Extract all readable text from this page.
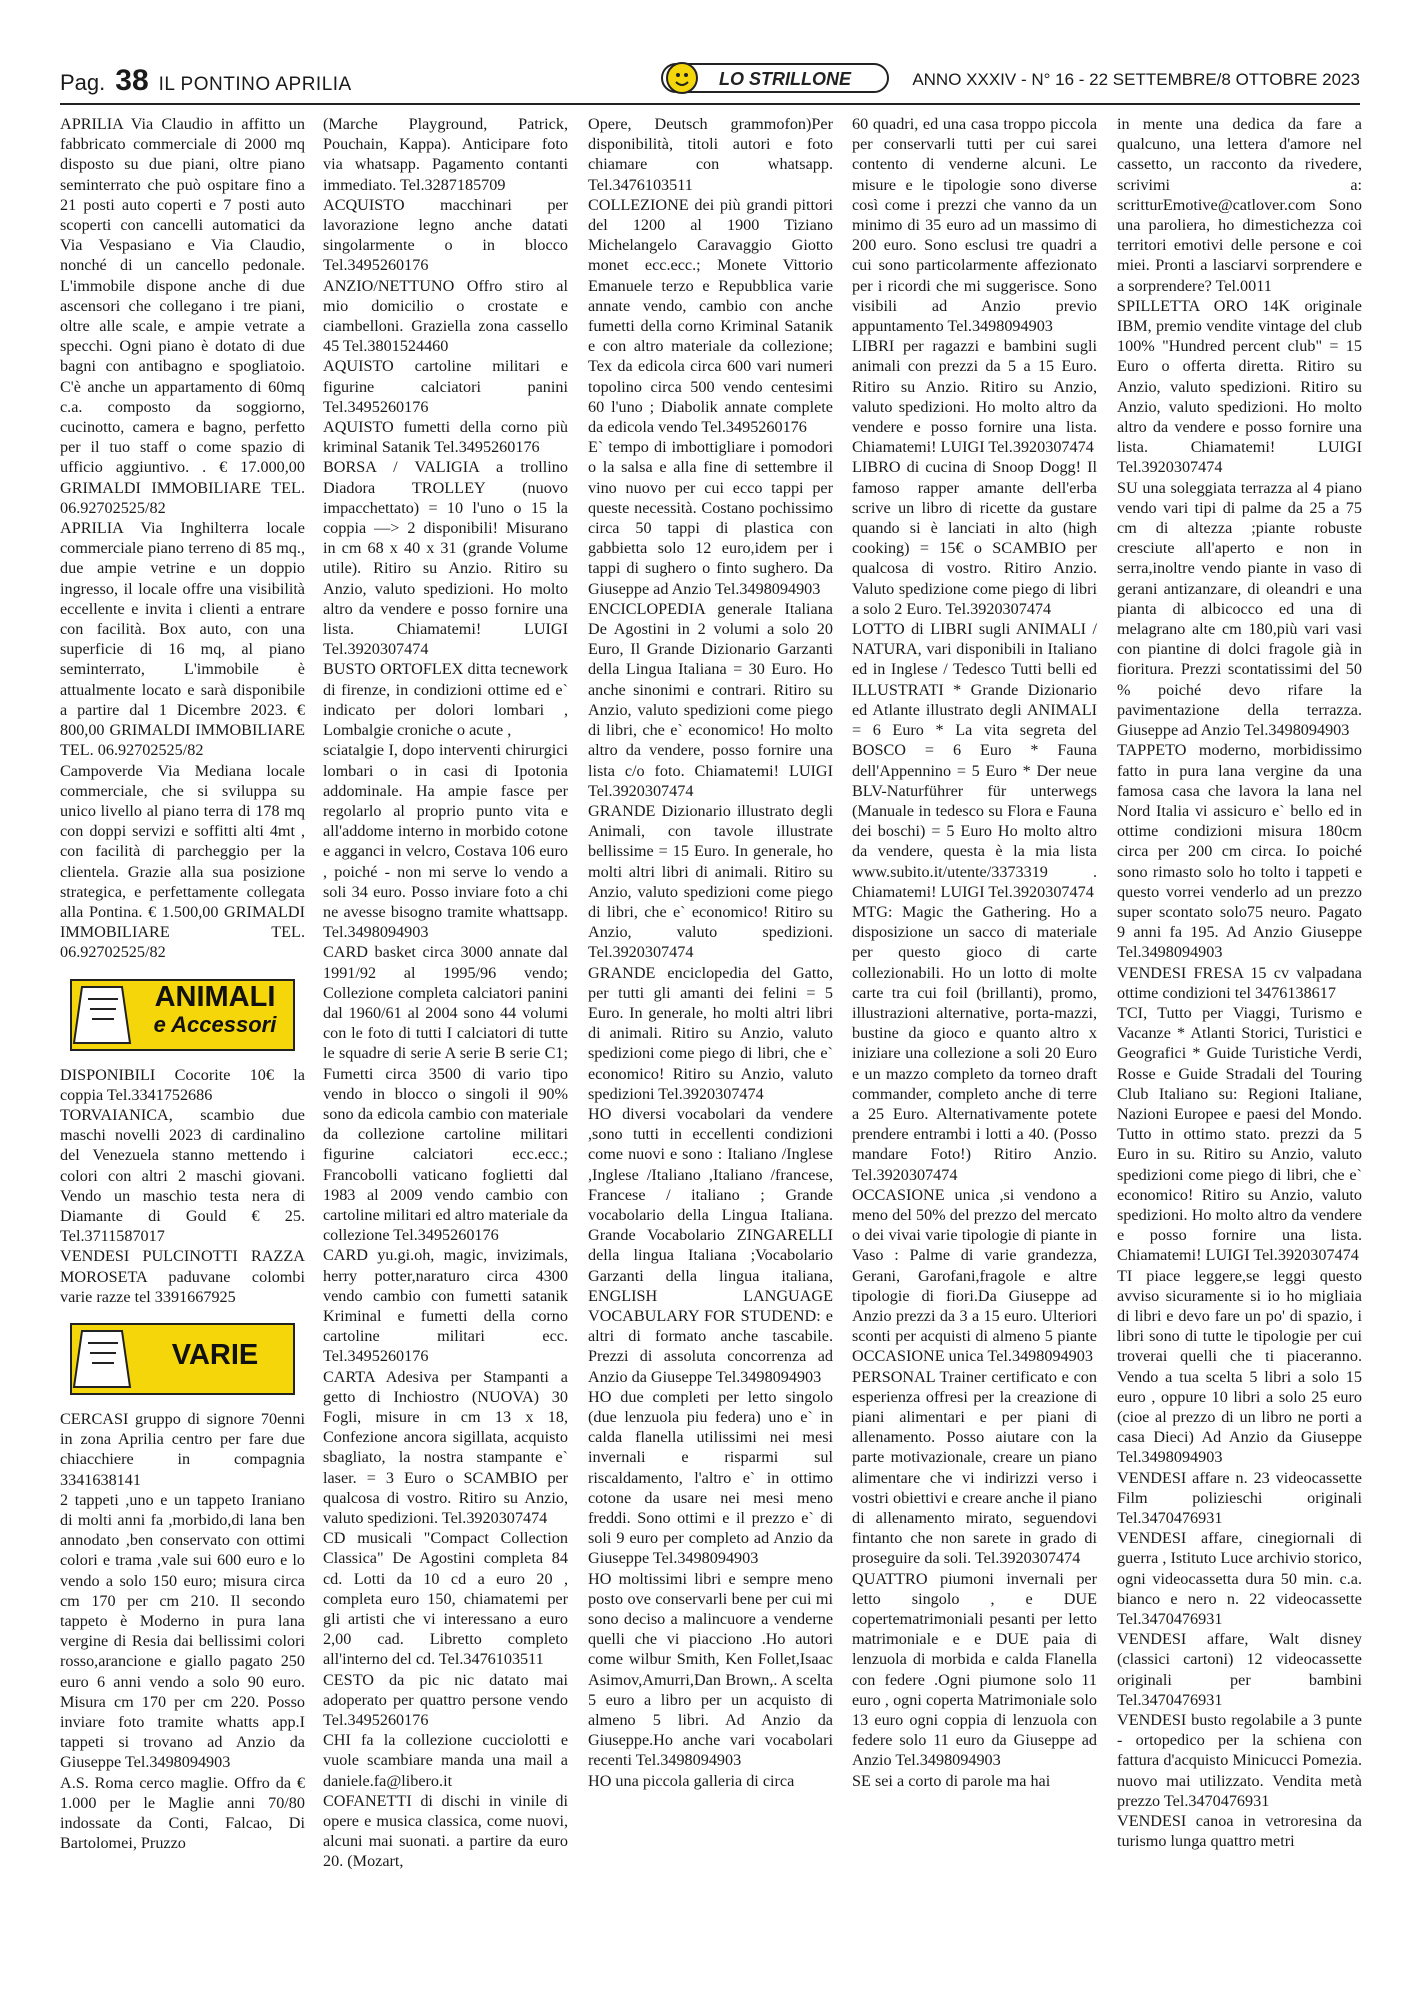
Pag. 38 IL PONTINO APRILIA	LO STRILLONE	ANNO XXXIV - N° 16 - 22 SETTEMBRE/8 OTTOBRE 2023

APRILIA Via Claudio in affitto un fabbricato commerciale di 2000 mq disposto su due piani, oltre piano seminterrato che può ospitare fino a 21 posti auto coperti e 7 posti auto scoperti con cancelli automatici da Via Vespasiano e Via Claudio, nonché di un cancello pedonale. L'immobile dispone anche di due ascensori che collegano i tre piani, oltre alle scale, e ampie vetrate a specchi. Ogni piano è dotato di due bagni con antibagno e spogliatoio. C'è anche un appartamento di 60mq c.a. composto da soggiorno, cucinotto, camera e bagno, perfetto per il tuo staff o come spazio di ufficio aggiuntivo. . € 17.000,00 GRIMALDI IMMOBILIARE TEL. 06.92702525/82

APRILIA Via Inghilterra locale commerciale piano terreno di 85 mq., due ampie vetrine e un doppio ingresso, il locale offre una visibilità eccellente e invita i clienti a entrare con facilità. Box auto, con una superficie di 16 mq, al piano seminterrato, L'immobile è attualmente locato e sarà disponibile a partire dal 1 Dicembre 2023. € 800,00 GRIMALDI IMMOBILIARE TEL. 06.92702525/82

Campoverde Via Mediana locale commerciale, che si sviluppa su unico livello al piano terra di 178 mq con doppi servizi e soffitti alti 4mt , con facilità di parcheggio per la clientela. Grazie alla sua posizione strategica, e perfettamente collegata alla Pontina. € 1.500,00 GRIMALDI IMMOBILIARE TEL. 06.92702525/82

ANIMALI
e Accessori

DISPONIBILI Cocorite 10€ la coppia Tel.3341752686

TORVAIANICA, scambio due maschi novelli 2023 di cardinalino del Venezuela stanno mettendo i colori con altri 2 maschi giovani. Vendo un maschio testa nera di Diamante di Gould € 25. Tel.3711587017

VENDESI PULCINOTTI RAZZA MOROSETA paduvane colombi varie razze tel 3391667925

VARIE

CERCASI gruppo di signore 70enni in zona Aprilia centro per fare due chiacchiere in compagnia 3341638141

2 tappeti ,uno e un tappeto Iraniano di molti anni fa ,morbido,di lana ben annodato ,ben conservato con ottimi colori e trama ,vale sui 600 euro e lo vendo a solo 150 euro; misura circa cm 170 per cm 210. Il secondo tappeto è Moderno in pura lana vergine di Resia dai bellissimi colori rosso,arancione e giallo pagato 250 euro 6 anni vendo a solo 90 euro. Misura cm 170 per cm 220. Posso inviare foto tramite whatts app.I tappeti si trovano ad Anzio da Giuseppe Tel.3498094903

A.S. Roma cerco maglie. Offro da € 1.000 per le Maglie anni 70/80 indossate da Conti, Falcao, Di Bartolomei, Pruzzo

(Marche Playground, Patrick, Pouchain, Kappa). Anticipare foto via whatsapp. Pagamento contanti immediato. Tel.3287185709

ACQUISTO macchinari per lavorazione legno anche datati singolarmente o in blocco Tel.3495260176

ANZIO/NETTUNO Offro stiro al mio domicilio o crostate e ciambelloni. Graziella zona cassello 45 Tel.3801524460

AQUISTO cartoline militari e figurine calciatori panini Tel.3495260176

AQUISTO fumetti della corno più kriminal Satanik Tel.3495260176

BORSA / VALIGIA a trollino Diadora TROLLEY (nuovo impacchettato) = 10 l'uno o 15 la coppia —> 2 disponibili! Misurano in cm 68 x 40 x 31 (grande Volume utile). Ritiro su Anzio. Ritiro su Anzio, valuto spedizioni. Ho molto altro da vendere e posso fornire una lista. Chiamatemi! LUIGI Tel.3920307474

BUSTO ORTOFLEX ditta tecnework di firenze, in condizioni ottime ed e` indicato per dolori lombari , Lombalgie croniche o acute ,

sciatalgie I, dopo interventi chirurgici lombari o in casi di Ipotonia addominale. Ha ampie fasce per regolarlo al proprio punto vita e all'addome interno in morbido cotone e agganci in velcro, Costava 106 euro , poiché - non mi serve lo vendo a soli 34 euro. Posso inviare foto a chi ne avesse bisogno tramite whattsapp. Tel.3498094903

CARD basket circa 3000 annate dal 1991/92 al 1995/96 vendo; Collezione completa calciatori panini dal 1960/61 al 2004 sono 44 volumi con le foto di tutti I calciatori di tutte le squadre di serie A serie B serie C1; Fumetti circa 3500 di vario tipo vendo in blocco o singoli il 90% sono da edicola cambio con materiale da collezione cartoline militari figurine calciatori ecc.ecc.; Francobolli vaticano foglietti dal 1983 al 2009 vendo cambio con cartoline militari ed altro materiale da collezione Tel.3495260176

CARD yu.gi.oh, magic, invizimals, herry potter,naraturo circa 4300 vendo cambio con fumetti satanik Kriminal e fumetti della corno cartoline militari ecc. Tel.3495260176

CARTA Adesiva per Stampanti a getto di Inchiostro (NUOVA) 30 Fogli, misure in cm 13 x 18, Confezione ancora sigillata, acquisto sbagliato, la nostra stampante e` laser. = 3 Euro o SCAMBIO per qualcosa di vostro. Ritiro su Anzio, valuto spedizioni. Tel.3920307474

CD musicali "Compact Collection Classica" De Agostini completa 84 cd. Lotti da 10 cd a euro 20 , completa euro 150, chiamatemi per gli artisti che vi interessano a euro 2,00 cad. Libretto completo all'interno del cd. Tel.3476103511

CESTO da pic nic datato mai adoperato per quattro persone vendo Tel.3495260176

CHI fa la collezione cucciolotti e vuole scambiare manda una mail a daniele.fa@libero.it

COFANETTI di dischi in vinile di opere e musica classica, come nuovi, alcuni mai suonati. a partire da euro 20. (Mozart,

Opere, Deutsch grammofon)Per disponibilità, titoli autori e foto chiamare con whatsapp. Tel.3476103511

COLLEZIONE dei più grandi pittori del 1200 al 1900 Tiziano Michelangelo Caravaggio Giotto monet ecc.ecc.; Monete Vittorio Emanuele terzo e Repubblica varie annate vendo, cambio con anche fumetti della corno Kriminal Satanik e con altro materiale da collezione; Tex da edicola circa 600 vari numeri topolino circa 500 vendo centesimi 60 l'uno ; Diabolik annate complete da edicola vendo Tel.3495260176

E` tempo di imbottigliare i pomodori o la salsa e alla fine di settembre il vino nuovo per cui ecco tappi per queste necessità. Costano pochissimo circa 50 tappi di plastica con gabbietta solo 12 euro,idem per i tappi di sughero o finto sughero. Da Giuseppe ad Anzio Tel.3498094903

ENCICLOPEDIA generale Italiana De Agostini in 2 volumi a solo 20 Euro, Il Grande Dizionario Garzanti della Lingua Italiana = 30 Euro. Ho anche sinonimi e contrari. Ritiro su Anzio, valuto spedizioni come piego di libri, che e` economico! Ho molto altro da vendere, posso fornire una lista c/o foto. Chiamatemi! LUIGI Tel.3920307474

GRANDE Dizionario illustrato degli Animali, con tavole illustrate bellissime = 15 Euro. In generale, ho molti altri libri di animali. Ritiro su Anzio, valuto spedizioni come piego di libri, che e` economico! Ritiro su Anzio, valuto spedizioni. Tel.3920307474

GRANDE enciclopedia del Gatto, per tutti gli amanti dei felini = 5 Euro. In generale, ho molti altri libri di animali. Ritiro su Anzio, valuto spedizioni come piego di libri, che e` economico! Ritiro su Anzio, valuto spedizioni Tel.3920307474

HO diversi vocabolari da vendere ,sono tutti in eccellenti condizioni come nuovi e sono : Italiano /Inglese ,Inglese /Italiano ,Italiano /francese, Francese / italiano ; Grande vocabolario della Lingua Italiana. Grande Vocabolario ZINGARELLI della lingua Italiana ;Vocabolario Garzanti della lingua italiana, ENGLISH LANGUAGE VOCABULARY FOR STUDEND: e altri di formato anche tascabile. Prezzi di assoluta concorrenza ad Anzio da Giuseppe Tel.3498094903

HO due completi per letto singolo (due lenzuola piu federa) uno e` in calda flanella utilissimi nei mesi invernali e risparmi sul riscaldamento, l'altro e` in ottimo cotone da usare nei mesi meno freddi. Sono ottimi e il prezzo e` di soli 9 euro per completo ad Anzio da Giuseppe Tel.3498094903

HO moltissimi libri e sempre meno posto ove conservarli bene per cui mi sono deciso a malincuore a venderne quelli che vi piacciono .Ho autori come wilbur Smith, Ken Follet,Isaac Asimov,Amurri,Dan Brown,. A scelta 5 euro a libro per un acquisto di almeno 5 libri. Ad Anzio da Giuseppe.Ho anche vari vocabolari recenti Tel.3498094903

HO una piccola galleria di circa

60 quadri, ed una casa troppo piccola per conservarli tutti per cui sarei contento di venderne alcuni. Le misure e le tipologie sono diverse così come i prezzi che vanno da un minimo di 35 euro ad un massimo di 200 euro. Sono esclusi tre quadri a cui sono particolarmente affezionato per i ricordi che mi suggerisce. Sono visibili ad Anzio previo appuntamento Tel.3498094903

LIBRI per ragazzi e bambini sugli animali con prezzi da 5 a 15 Euro. Ritiro su Anzio. Ritiro su Anzio, valuto spedizioni. Ho molto altro da vendere e posso fornire una lista. Chiamatemi! LUIGI Tel.3920307474

LIBRO di cucina di Snoop Dogg! Il famoso rapper amante dell'erba scrive un libro di ricette da gustare quando si è lanciati in alto (high cooking) = 15€ o SCAMBIO per qualcosa di vostro. Ritiro Anzio. Valuto spedizione come piego di libri a solo 2 Euro. Tel.3920307474

LOTTO di LIBRI sugli ANIMALI / NATURA, vari disponibili in Italiano ed in Inglese / Tedesco Tutti belli ed ILLUSTRATI * Grande Dizionario ed Atlante illustrato degli ANIMALI = 6 Euro * La vita segreta del BOSCO = 6 Euro * Fauna dell'Appennino = 5 Euro * Der neue BLV-Naturführer für unterwegs (Manuale in tedesco su Flora e Fauna dei boschi) = 5 Euro Ho molto altro da vendere, questa è la mia lista www.subito.it/utente/3373319 . Chiamatemi! LUIGI Tel.3920307474

MTG: Magic the Gathering. Ho a disposizione un sacco di materiale per questo gioco di carte collezionabili. Ho un lotto di molte carte tra cui foil (brillanti), promo, illustrazioni alternative, porta-mazzi, bustine da gioco e quanto altro x iniziare una collezione a soli 20 Euro e un mazzo completo da torneo draft commander, completo anche di terre a 25 Euro. Alternativamente potete prendere entrambi i lotti a 40. (Posso mandare Foto!) Ritiro Anzio. Tel.3920307474

OCCASIONE unica ,si vendono a meno del 50% del prezzo del mercato o dei vivai varie tipologie di piante in Vaso : Palme di varie grandezza, Gerani, Garofani,fragole e altre tipologie di fiori.Da Giuseppe ad Anzio prezzi da 3 a 15 euro. Ulteriori sconti per acquisti di almeno 5 piante OCCASIONE unica Tel.3498094903

PERSONAL Trainer certificato e con esperienza offresi per la creazione di piani alimentari e per piani di allenamento. Posso aiutare con la parte motivazionale, creare un piano alimentare che vi indirizzi verso i vostri obiettivi e creare anche il piano di allenamento mirato, seguendovi fintanto che non sarete in grado di proseguire da soli. Tel.3920307474

QUATTRO piumoni invernali per letto singolo , e DUE copertematrimoniali pesanti per letto matrimoniale e e DUE paia di lenzuola di morbida e calda Flanella con federe .Ogni piumone solo 11 euro , ogni coperta Matrimoniale solo 13 euro ogni coppia di lenzuola con federe solo 11 euro da Giuseppe ad Anzio Tel.3498094903

SE sei a corto di parole ma hai

in mente una dedica da fare a qualcuno, una lettera d'amore nel cassetto, un racconto da rivedere, scrivimi a: scritturEmotive@catlover.com Sono una paroliera, ho dimestichezza coi territori emotivi delle persone e coi miei. Pronti a lasciarvi sorprendere e a sorprendere? Tel.0011

SPILLETTA ORO 14K originale IBM, premio vendite vintage del club 100% "Hundred percent club" = 15 Euro o offerta diretta. Ritiro su Anzio, valuto spedizioni. Ritiro su Anzio, valuto spedizioni. Ho molto altro da vendere e posso fornire una lista. Chiamatemi! LUIGI Tel.3920307474

SU una soleggiata terrazza al 4 piano vendo vari tipi di palme da 25 a 75 cm di altezza ;piante robuste cresciute all'aperto e non in serra,inoltre vendo piante in vaso di gerani antizanzare, di oleandri e una pianta di albicocco ed una di melagrano alte cm 180,più vari vasi con piantine di dolci fragole già in fioritura. Prezzi scontatissimi del 50 % poiché devo rifare la pavimentazione della terrazza. Giuseppe ad Anzio Tel.3498094903

TAPPETO moderno, morbidissimo fatto in pura lana vergine da una famosa casa che lavora la lana nel Nord Italia vi assicuro e` bello ed in ottime condizioni misura 180cm circa per 200 cm circa. Io poiché sono rimasto solo ho tolto i tappeti e questo vorrei venderlo ad un prezzo super scontato solo75 neuro. Pagato 9 anni fa 195. Ad Anzio Giuseppe Tel.3498094903

VENDESI FRESA 15 cv valpadana ottime condizioni tel 3476138617

TCI, Tutto per Viaggi, Turismo e Vacanze * Atlanti Storici, Turistici e Geografici * Guide Turistiche Verdi, Rosse e Guide Stradali del Touring Club Italiano su: Regioni Italiane, Nazioni Europee e paesi del Mondo. Tutto in ottimo stato. prezzi da 5 Euro in su. Ritiro su Anzio, valuto spedizioni come piego di libri, che e` economico! Ritiro su Anzio, valuto spedizioni. Ho molto altro da vendere e posso fornire una lista. Chiamatemi! LUIGI Tel.3920307474

TI piace leggere,se leggi questo avviso sicuramente si io ho migliaia di libri e devo fare un po' di spazio, i libri sono di tutte le tipologie per cui troverai quelli che ti piaceranno. Vendo a tua scelta 5 libri a solo 15 euro , oppure 10 libri a solo 25 euro (cioe al prezzo di un libro ne porti a casa Dieci) Ad Anzio da Giuseppe Tel.3498094903

VENDESI affare n. 23 videocassette Film polizieschi originali Tel.3470476931

VENDESI affare, cinegiornali di guerra , Istituto Luce archivio storico, ogni videocassetta dura 50 min. c.a. bianco e nero n. 22 videocassette Tel.3470476931

VENDESI affare, Walt disney (classici cartoni) 12 videocassette originali per bambini Tel.3470476931

VENDESI busto regolabile a 3 punte - ortopedico per la schiena con fattura d'acquisto Minicucci Pomezia. nuovo mai utilizzato. Vendita metà prezzo Tel.3470476931

VENDESI canoa in vetroresina da turismo lunga quattro metri
